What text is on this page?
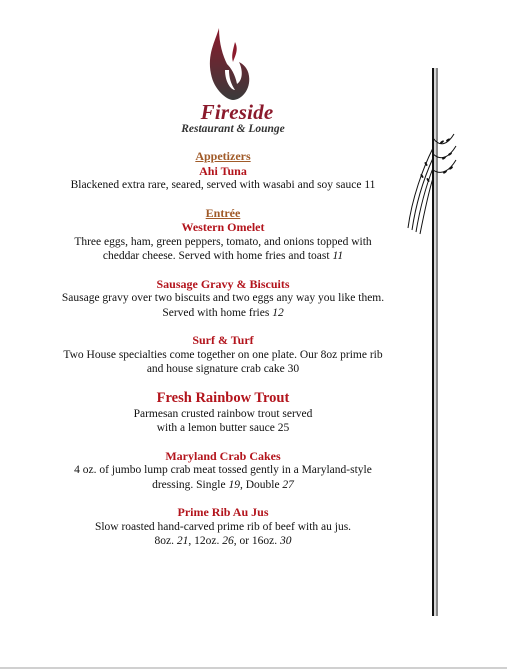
Fireside
Restaurant & Lounge
Appetizers
Ahi Tuna
Blackened extra rare, seared, served with wasabi and soy sauce 11
Entrée
Western Omelet
Three eggs, ham, green peppers, tomato, and onions topped with
cheddar cheese. Served with home fries and toast 11
Sausage Gravy & Biscuits
Sausage gravy over two biscuits and two eggs any way you like them.
Served with home fries 12
Surf & Turf
Two House specialties come together on one plate. Our 8oz prime rib
and house signature crab cake 30
Fresh Rainbow Trout
Parmesan crusted rainbow trout served
with a lemon butter sauce 25
Maryland Crab Cakes
4 oz. of jumbo lump crab meat tossed gently in a Maryland-style
dressing. Single 19, Double 27
Prime Rib Au Jus
Slow roasted hand-carved prime rib of beef with au jus.
8oz. 21, 12oz. 26, or 16oz. 30
